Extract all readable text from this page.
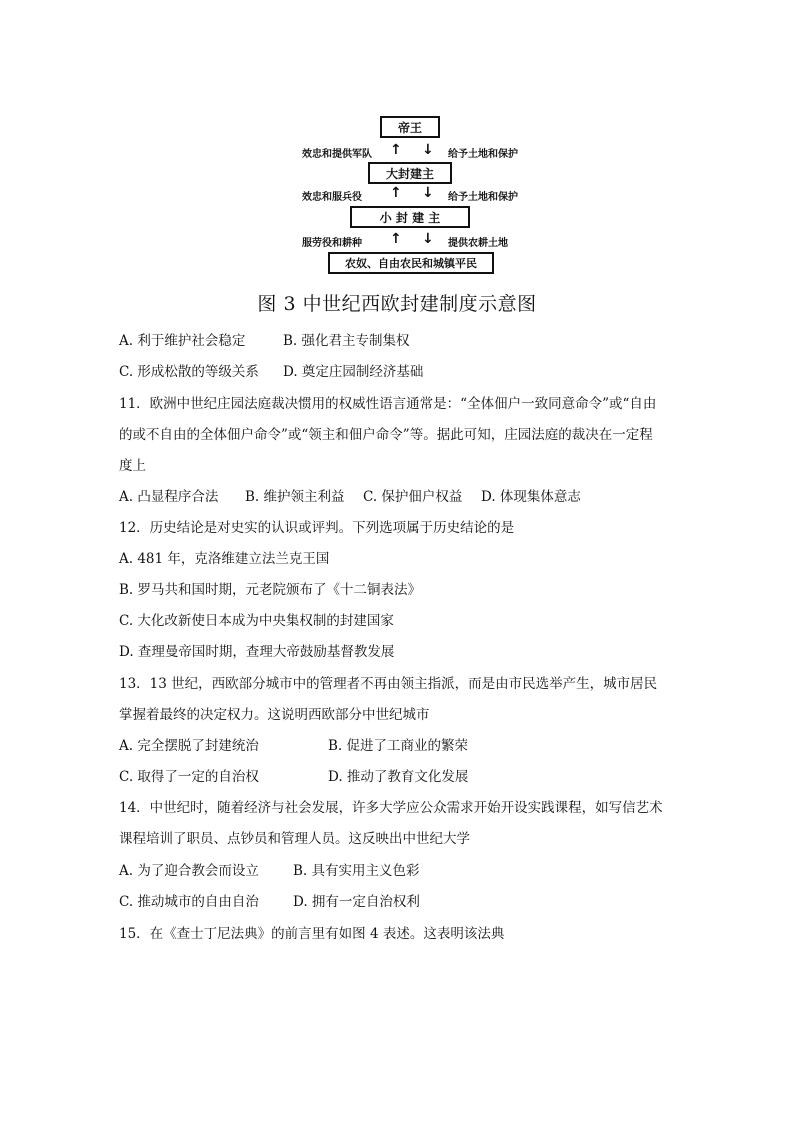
帝王
效忠和提供军队 ↑ ↓ 给予土地和保护
大封建主
效忠和服兵役 ↑ ↓ 给予土地和保护
小 封 建 主
服劳役和耕种 ↑ ↓ 提供农耕土地
农奴、自由农民和城镇平民
图 3 中世纪西欧封建制度示意图
A. 利于维护社会稳定	B. 强化君主专制集权
C. 形成松散的等级关系 D. 奠定庄园制经济基础
11．欧洲中世纪庄园法庭裁决惯用的权威性语言通常是：“全体佃户一致同意命令”或“自由
的或不自由的全体佃户命令”或“领主和佃户命令”等。据此可知，庄园法庭的裁决在一定程
度上
A. 凸显程序合法 B. 维护领主利益 C. 保护佃户权益 D. 体现集体意志
12．历史结论是对史实的认识或评判。下列选项属于历史结论的是
A. 481 年，克洛维建立法兰克王国
B. 罗马共和国时期，元老院颁布了《十二铜表法》
C. 大化改新使日本成为中央集权制的封建国家
D. 查理曼帝国时期，查理大帝鼓励基督教发展
13．13 世纪，西欧部分城市中的管理者不再由领主指派，而是由市民选举产生，城市居民
掌握着最终的决定权力。这说明西欧部分中世纪城市
A. 完全摆脱了封建统治	B. 促进了工商业的繁荣
C. 取得了一定的自治权	D. 推动了教育文化发展
14．中世纪时，随着经济与社会发展，许多大学应公众需求开始开设实践课程，如写信艺术
课程培训了职员、点钞员和管理人员。这反映出中世纪大学
A. 为了迎合教会而设立	B. 具有实用主义色彩
C. 推动城市的自由自治	D. 拥有一定自治权利
15．在《查士丁尼法典》的前言里有如图 4 表述。这表明该法典
